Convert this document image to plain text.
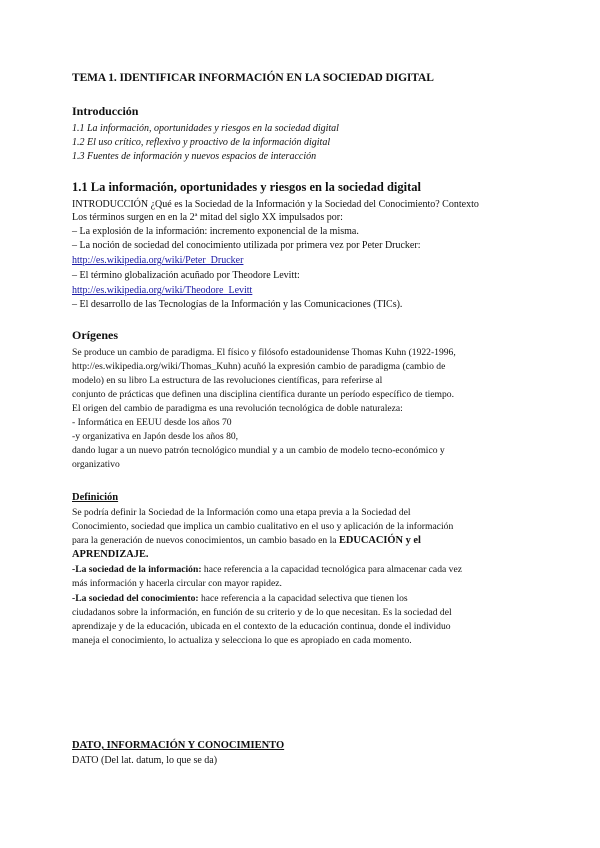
TEMA 1. IDENTIFICAR INFORMACIÓN EN LA SOCIEDAD DIGITAL
Introducción
1.1 La información, oportunidades y riesgos en la sociedad digital
1.2 El uso crítico, reflexivo y proactivo de la información digital
1.3 Fuentes de información y nuevos espacios de interacción
1.1 La información, oportunidades y riesgos en la sociedad digital
INTRODUCCIÓN ¿Qué es la Sociedad de la Información y la Sociedad del Conocimiento? Contexto
Los términos surgen en en la 2ª mitad del siglo XX impulsados por:
– La explosión de la información: incremento exponencial de la misma.
– La noción de sociedad del conocimiento utilizada por primera vez por Peter Drucker:
http://es.wikipedia.org/wiki/Peter_Drucker
– El término globalización acuñado por Theodore Levitt:
http://es.wikipedia.org/wiki/Theodore_Levitt
– El desarrollo de las Tecnologías de la Información y las Comunicaciones (TICs).
Orígenes
Se produce un cambio de paradigma. El físico y filósofo estadounidense Thomas Kuhn (1922-1996,
http://es.wikipedia.org/wiki/Thomas_Kuhn) acuñó la expresión cambio de paradigma (cambio de
modelo) en su libro La estructura de las revoluciones científicas, para referirse al
conjunto de prácticas que definen una disciplina científica durante un período específico de tiempo.
El origen del cambio de paradigma es una revolución tecnológica de doble naturaleza:
- Informática en EEUU desde los años 70
-y organizativa en Japón desde los años 80,
dando lugar a un nuevo patrón tecnológico mundial y a un cambio de modelo tecno-económico y
organizativo
Definición
Se podría definir la Sociedad de la Información como una etapa previa a la Sociedad del
Conocimiento, sociedad que implica un cambio cualitativo en el uso y aplicación de la información
para la generación de nuevos conocimientos, un cambio basado en la EDUCACIÓN y el
APRENDIZAJE.
-La sociedad de la información: hace referencia a la capacidad tecnológica para almacenar cada vez
más información y hacerla circular con mayor rapidez.
-La sociedad del conocimiento: hace referencia a la capacidad selectiva que tienen los
ciudadanos sobre la información, en función de su criterio y de lo que necesitan. Es la sociedad del
aprendizaje y de la educación, ubicada en el contexto de la educación continua, donde el individuo
maneja el conocimiento, lo actualiza y selecciona lo que es apropiado en cada momento.
DATO, INFORMACIÓN Y CONOCIMIENTO
DATO (Del lat. datum, lo que se da)
